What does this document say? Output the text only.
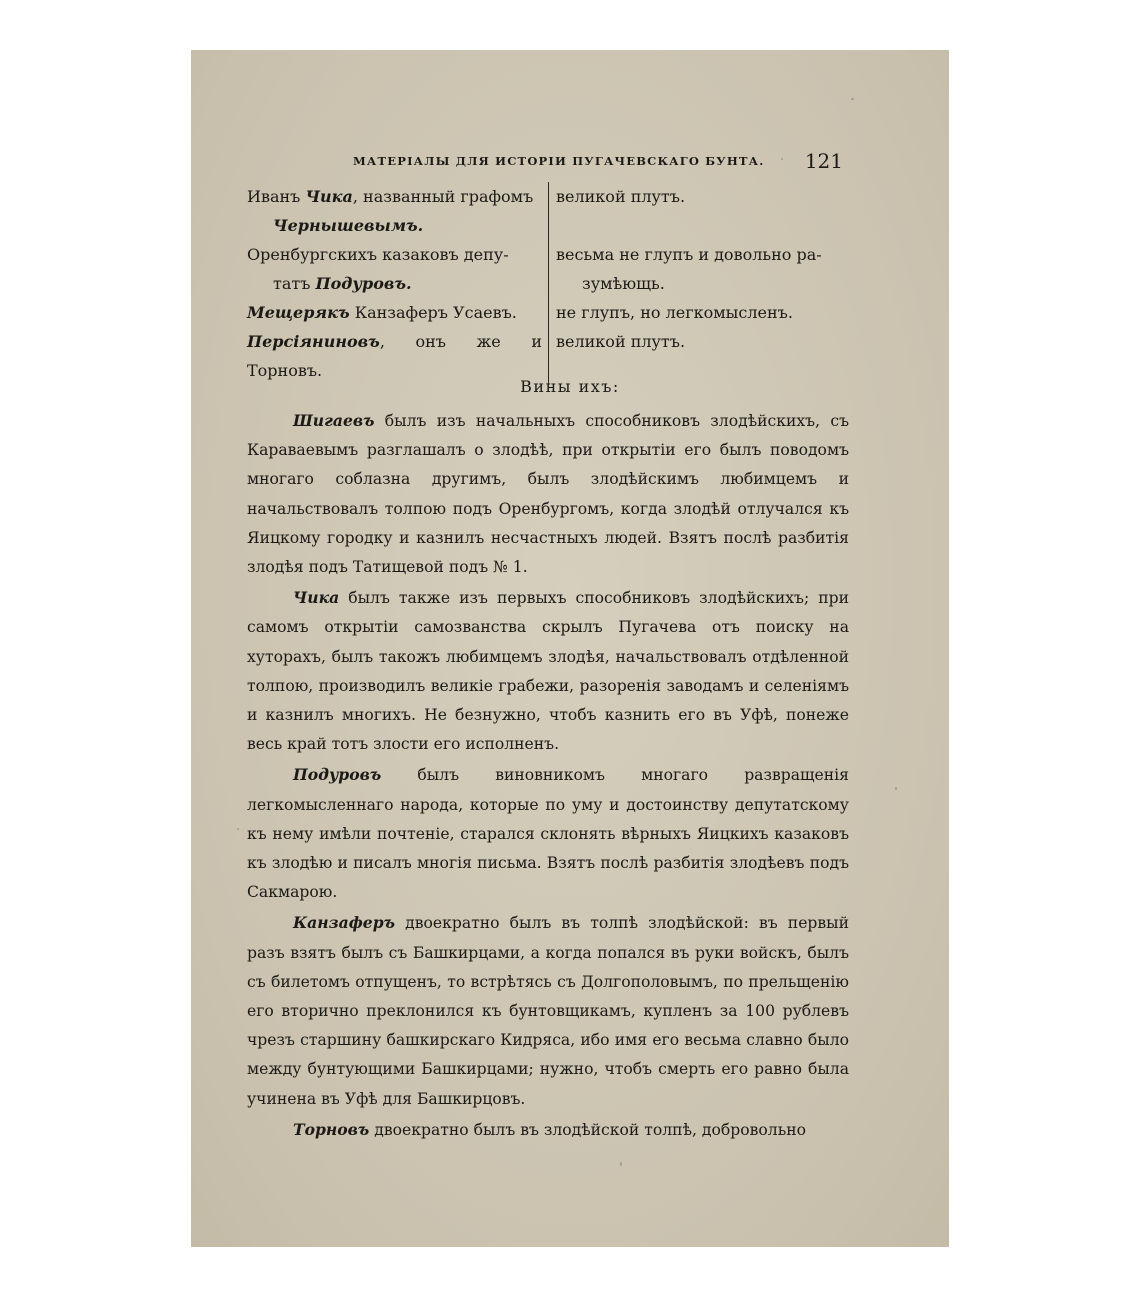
МАТЕРІАЛЫ ДЛЯ ИСТОРІИ ПУГАЧЕВСКАГО БУНТА. 121
Иванъ Чика, названный графомъ
Чернышевымъ.
великой плутъ.
Оренбургскихъ казаковъ депу-
татъ Подуровъ.
весьма не глупъ и довольно ра-
зумѣющь.
Мещерякъ Канзаферъ Усаевъ.	не глупъ, но легкомысленъ.
Персіяниновъ, онъ же и Торновъ.
великой плутъ.
Вины ихъ:

Шигаевъ былъ изъ начальныхъ способниковъ злодѣйскихъ, съ Караваевымъ разглашалъ о злодѣѣ, при открытіи его былъ поводомъ многаго соблазна другимъ, былъ злодѣйскимъ любимцемъ и начальствовалъ толпою подъ Оренбургомъ, когда злодѣй отлучался къ Яицкому городку и казнилъ несчастныхъ людей. Взятъ послѣ разбитія злодѣя подъ Татищевой подъ № 1.

Чика былъ также изъ первыхъ способниковъ злодѣйскихъ; при самомъ открытіи самозванства скрылъ Пугачева отъ поиску на хуторахъ, былъ такожъ любимцемъ злодѣя, начальствовалъ отдѣленной толпою, производилъ великіе грабежи, разоренія заводамъ и селеніямъ и казнилъ многихъ. Не безнужно, чтобъ казнить его въ Уфѣ, понеже весь край тотъ злости его исполненъ.

Подуровъ былъ виновникомъ многаго развращенія легкомысленнаго народа, которые по уму и достоинству депутатскому къ нему имѣли почтеніе, старался склонять вѣрныхъ Яицкихъ казаковъ къ злодѣю и писалъ многія письма. Взятъ послѣ разбитія злодѣевъ подъ Сакмарою.

Канзаферъ двоекратно былъ въ толпѣ злодѣйской: въ первый разъ взятъ былъ съ Башкирцами, а когда попался въ руки войскъ, былъ съ билетомъ отпущенъ, то встрѣтясь съ Долгополовымъ, по прельщенію его вторично преклонился къ бунтовщикамъ, купленъ за 100 рублевъ чрезъ старшину башкирскаго Кидряса, ибо имя его весьма славно было между бунтующими Башкирцами; нужно, чтобъ смерть его равно была учинена въ Уфѣ для Башкирцовъ.

Торновъ двоекратно былъ въ злодѣйской толпѣ, добровольно
